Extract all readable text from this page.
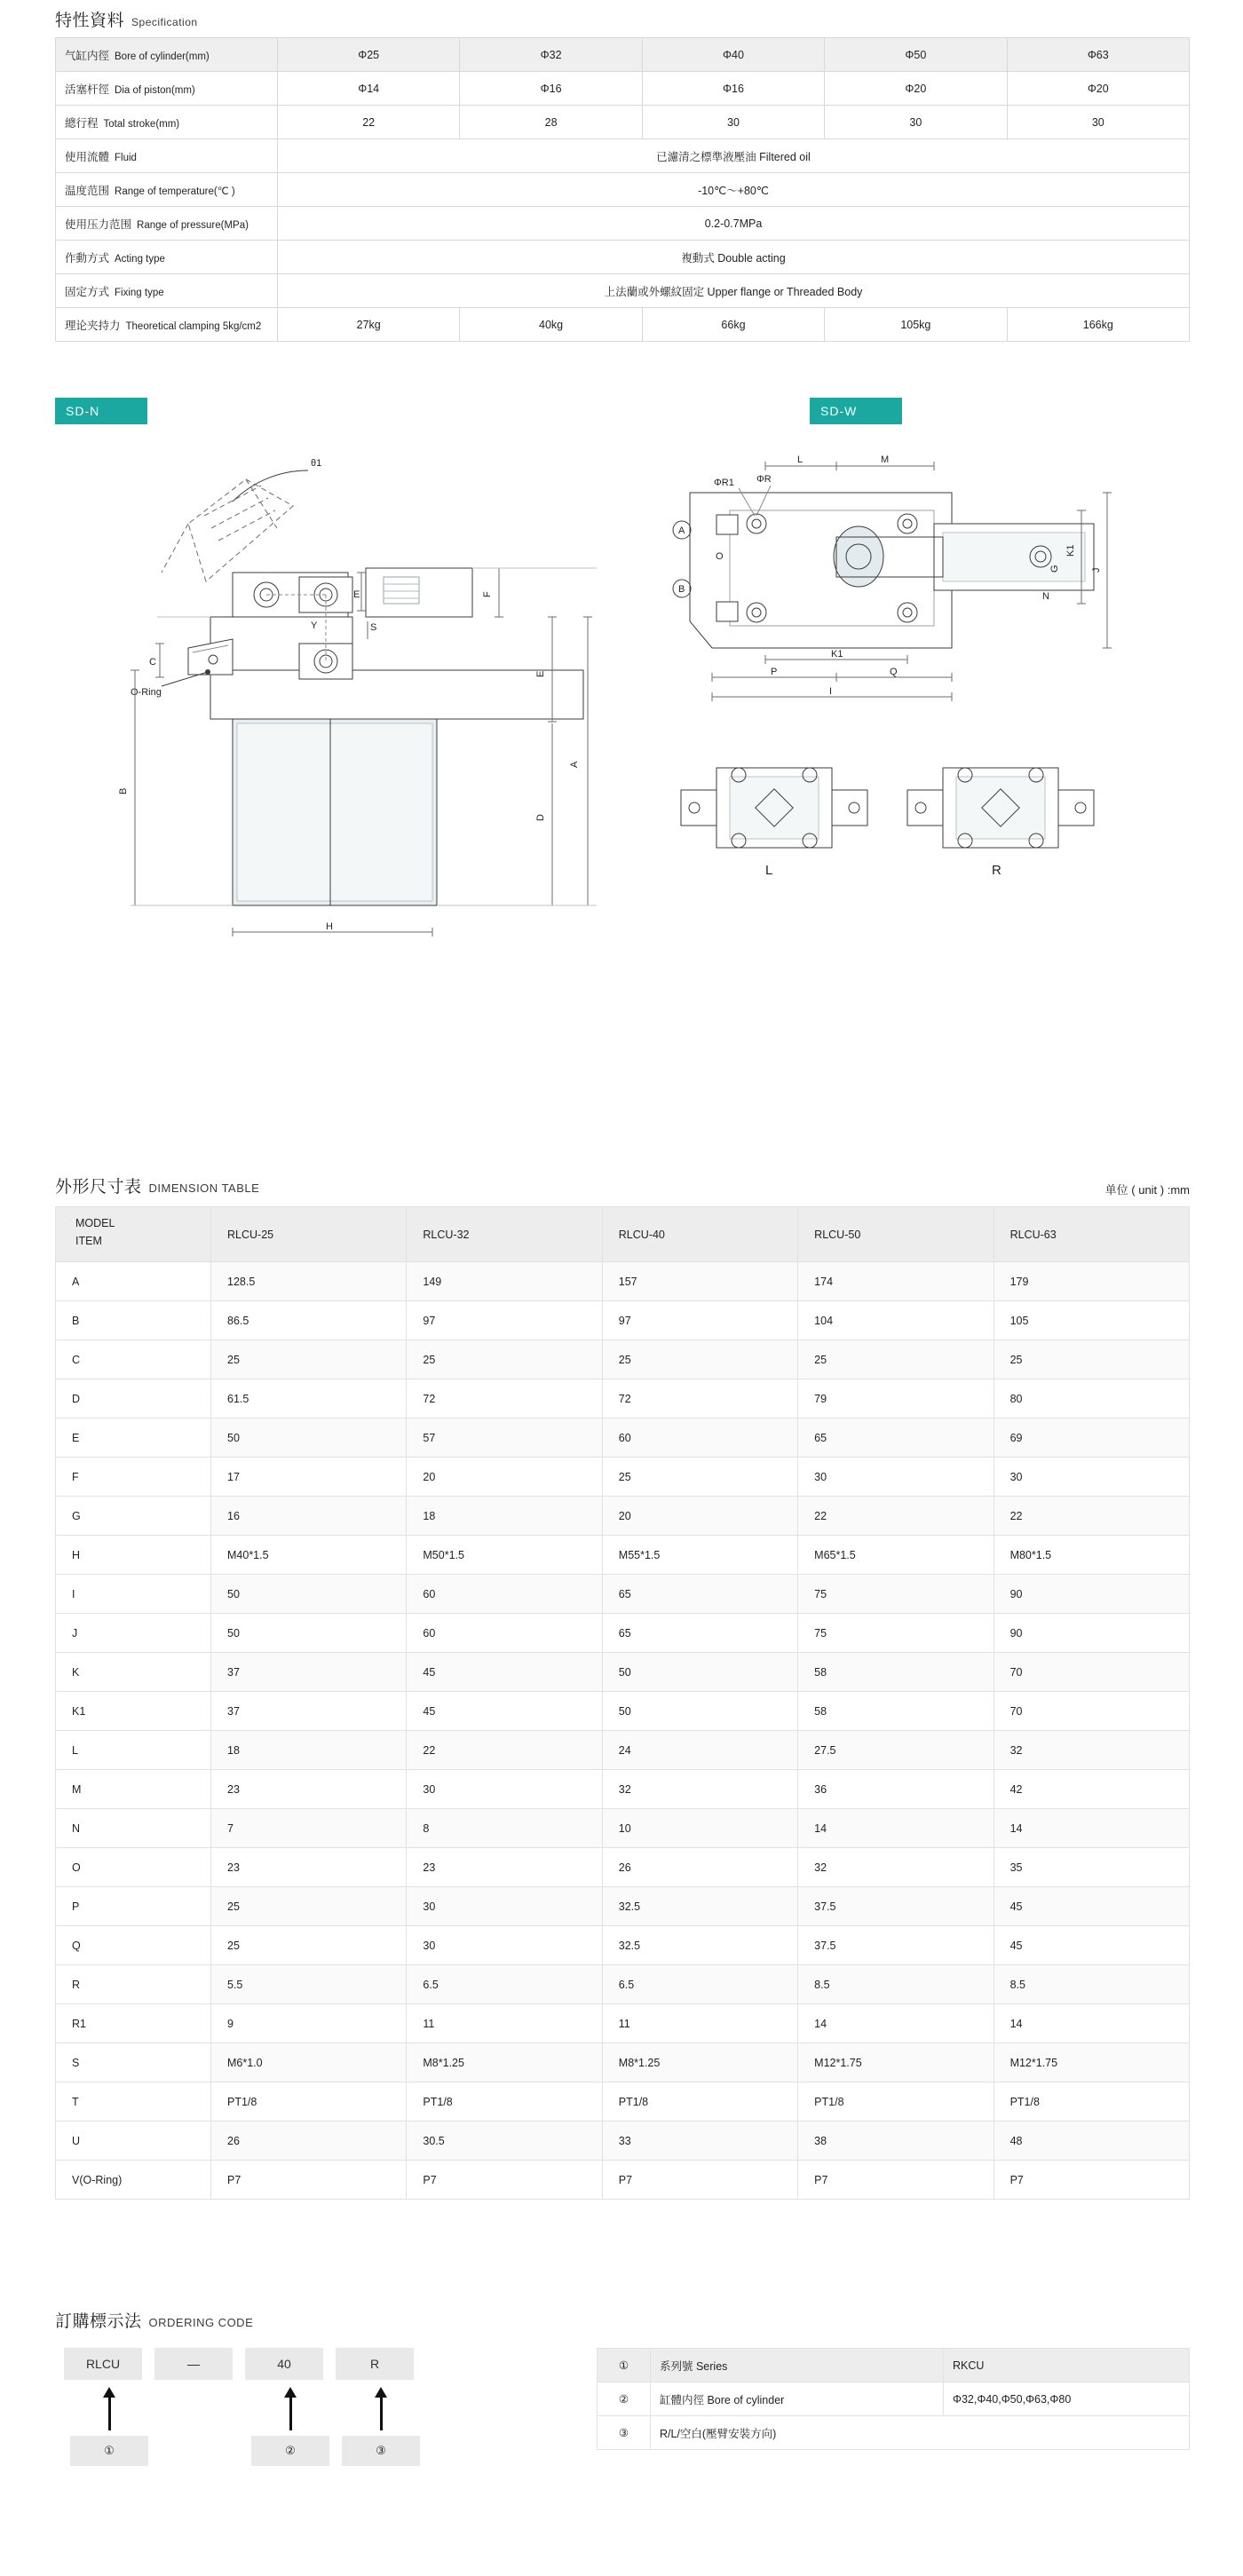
特性資料 Specification
气缸内徑 Bore of cylinder(mm)	Φ25	Φ32	Φ40	Φ50	Φ63
活塞杆徑 Dia of piston(mm)	Φ14	Φ16	Φ16	Φ20	Φ20
總行程 Total stroke(mm)	22	28	30	30	30
使用流體 Fluid	已濾清之標準液壓油 Filtered oil				
温度范围 Range of temperature(℃ )	-10℃～+80℃				
使用压力范围 Range of pressure(MPa)	0.2-0.7MPa				
作動方式 Acting type	複動式 Double acting				
固定方式 Fixing type	上法蘭或外螺紋固定 Upper flange or Threaded Body				
理论夹持力 Theoretical clamping 5kg/cm2	27kg	40kg	66kg	105kg	166kg
SD-N	SD-W
θ1
O-Ring
A
E
F
E
S
Y
C
B
D
H
A
B
L	M
ΦR1 ΦR
J
K1
G
N
O
K1
P	Q
I
L	R
外形尺寸表 DIMENSION TABLE	单位 ( unit ) :mm
MODEL
ITEM	RLCU-25	RLCU-32	RLCU-40	RLCU-50	RLCU-63
A	128.5	149	157	174	179
B	86.5	97	97	104	105
C	25	25	25	25	25
D	61.5	72	72	79	80
E	50	57	60	65	69
F	17	20	25	30	30
G	16	18	20	22	22
H	M40*1.5	M50*1.5	M55*1.5	M65*1.5	M80*1.5
I	50	60	65	75	90
J	50	60	65	75	90
K	37	45	50	58	70
K1	37	45	50	58	70
L	18	22	24	27.5	32
M	23	30	32	36	42
N	7	8	10	14	14
O	23	23	26	32	35
P	25	30	32.5	37.5	45
Q	25	30	32.5	37.5	45
R	5.5	6.5	6.5	8.5	8.5
R1	9	11	11	14	14
S	M6*1.0	M8*1.25	M8*1.25	M12*1.75	M12*1.75
T	PT1/8	PT1/8	PT1/8	PT1/8	PT1/8
U	26	30.5	33	38	48
V(O-Ring)	P7	P7	P7	P7	P7
訂購標示法 ORDERING CODE
RLCU	—	40	R
①	②	③
①	系列號 Series	RKCU
②	缸體内徑 Bore of cylinder	Φ32,Φ40,Φ50,Φ63,Φ80
③	R/L/空白(壓臂安裝方向)	
